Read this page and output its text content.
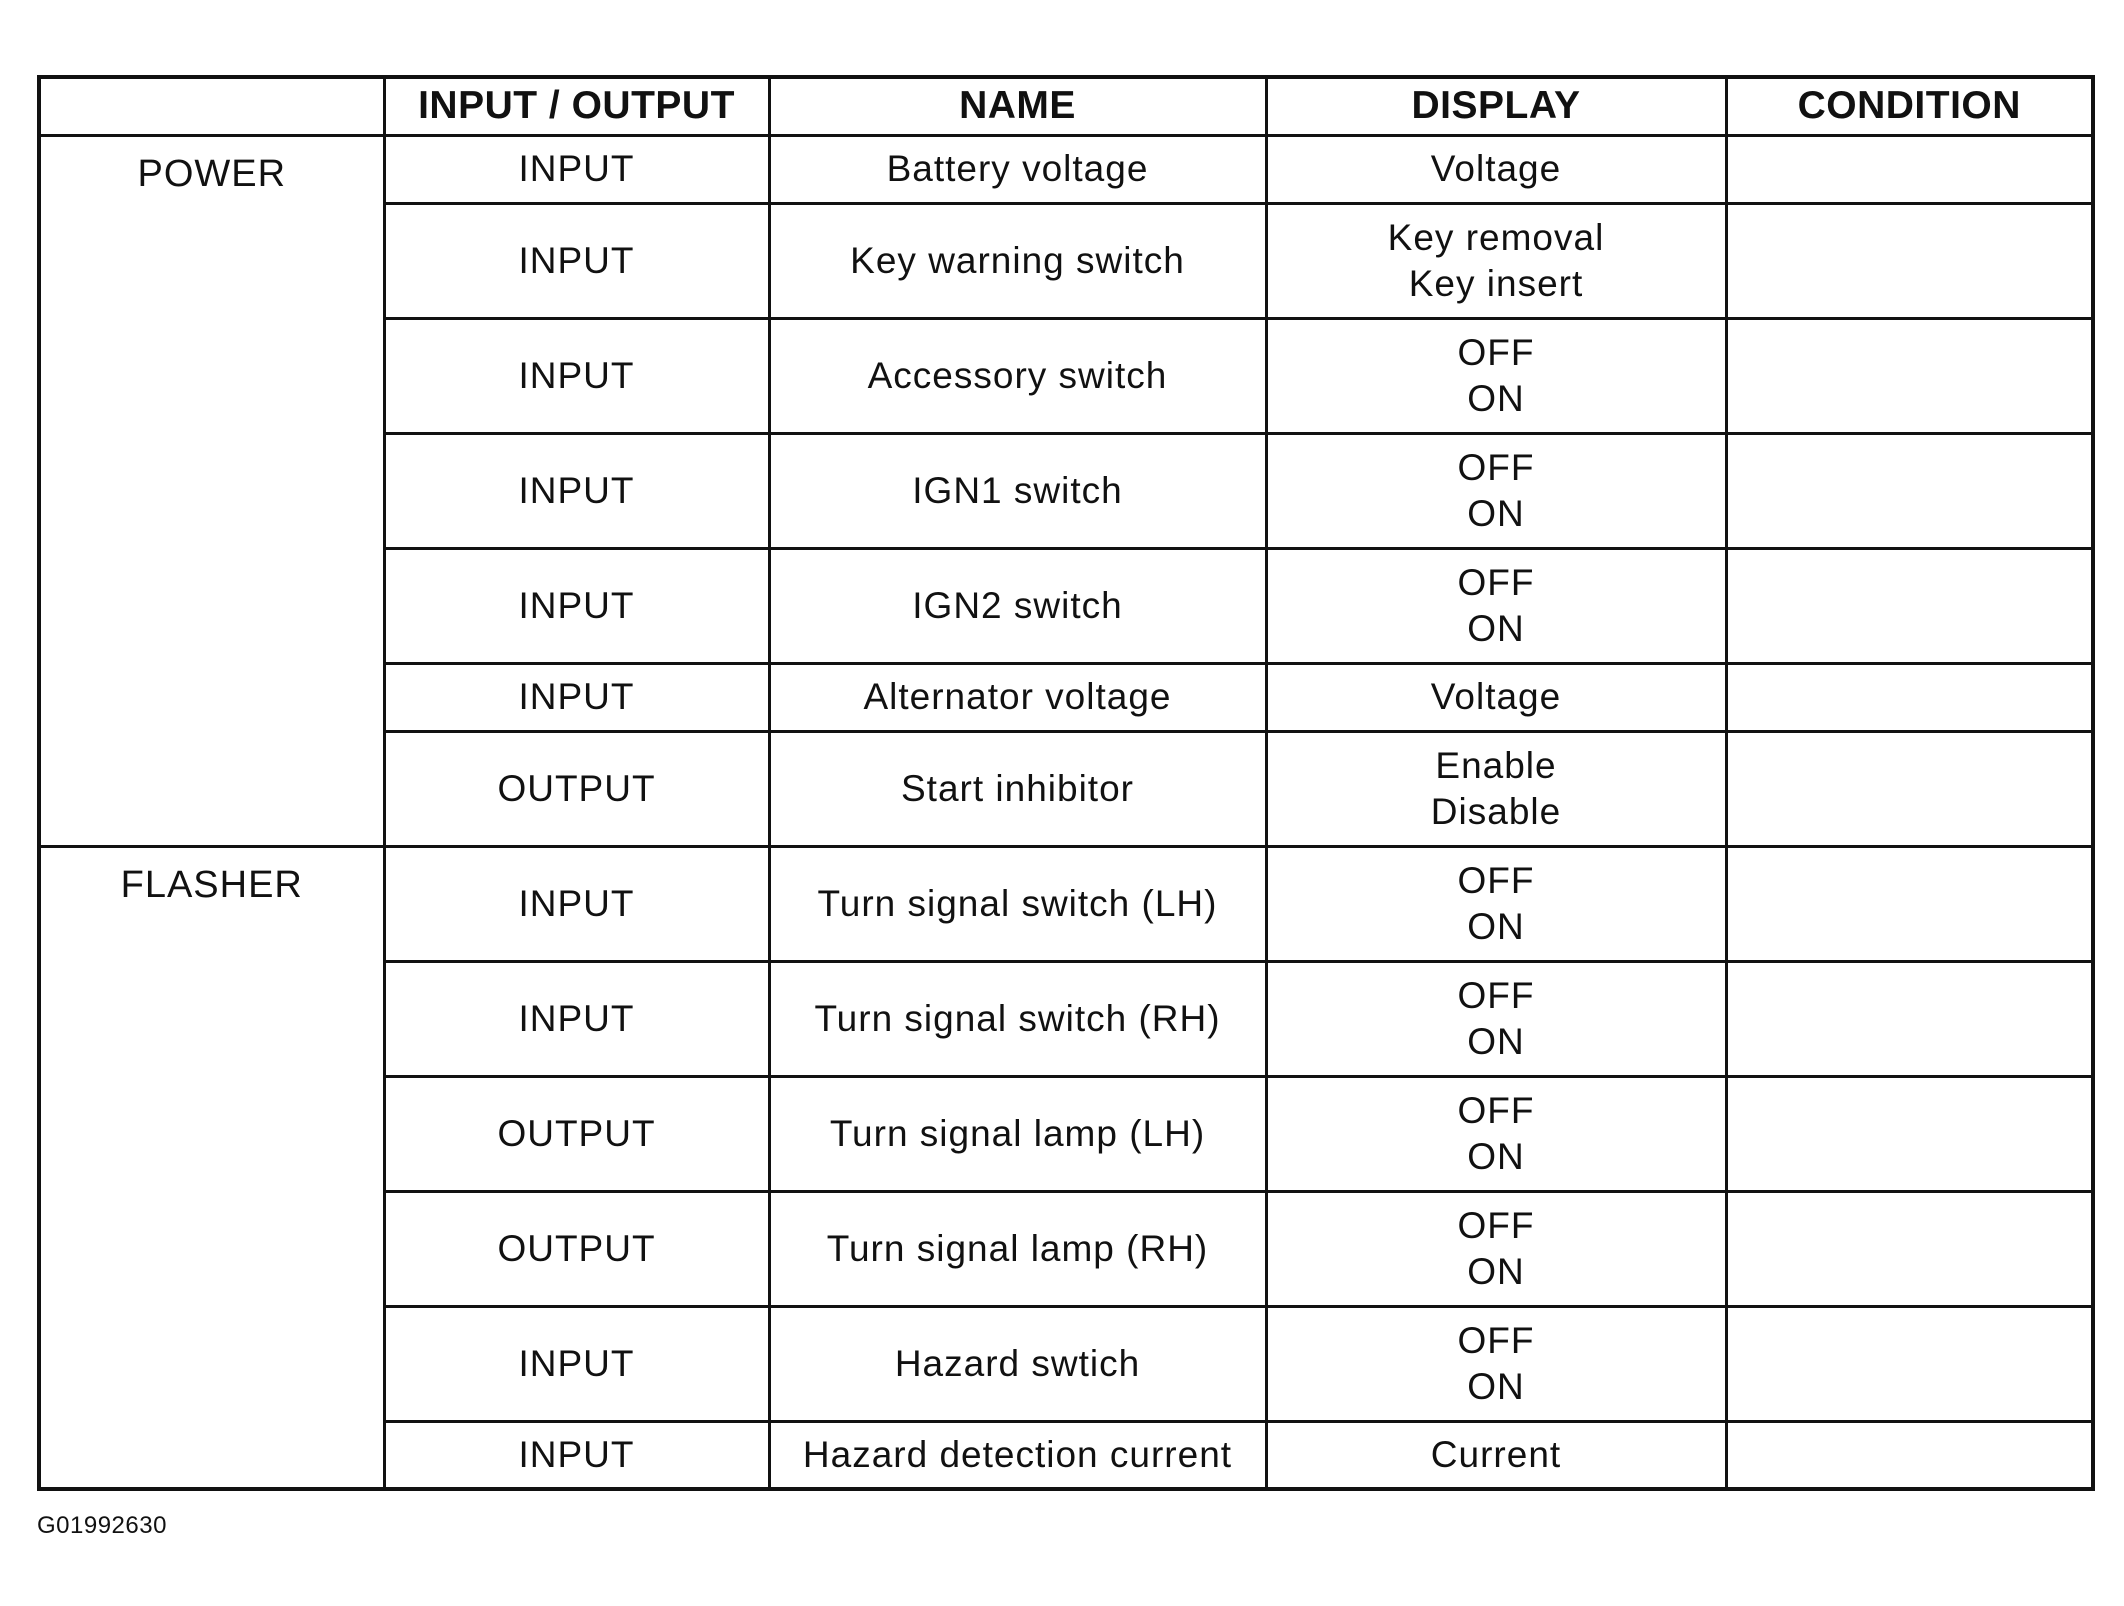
	INPUT / OUTPUT	NAME	DISPLAY	CONDITION
POWER	INPUT	Battery voltage	Voltage	

	INPUT	Key warning switch	Key removal
Key insert	

	INPUT	Accessory switch	OFF
ON	

	INPUT	IGN1 switch	OFF
ON	

	INPUT	IGN2 switch	OFF
ON	

	INPUT	Alternator voltage	Voltage	

	OUTPUT	Start inhibitor	Enable
Disable	

FLASHER	INPUT	Turn signal switch (LH)	OFF
ON	

	INPUT	Turn signal switch (RH)	OFF
ON	

	OUTPUT	Turn signal lamp (LH)	OFF
ON	

	OUTPUT	Turn signal lamp (RH)	OFF
ON	

	INPUT	Hazard swtich	OFF
ON	

	INPUT	Hazard detection current	Current	

G01992630
